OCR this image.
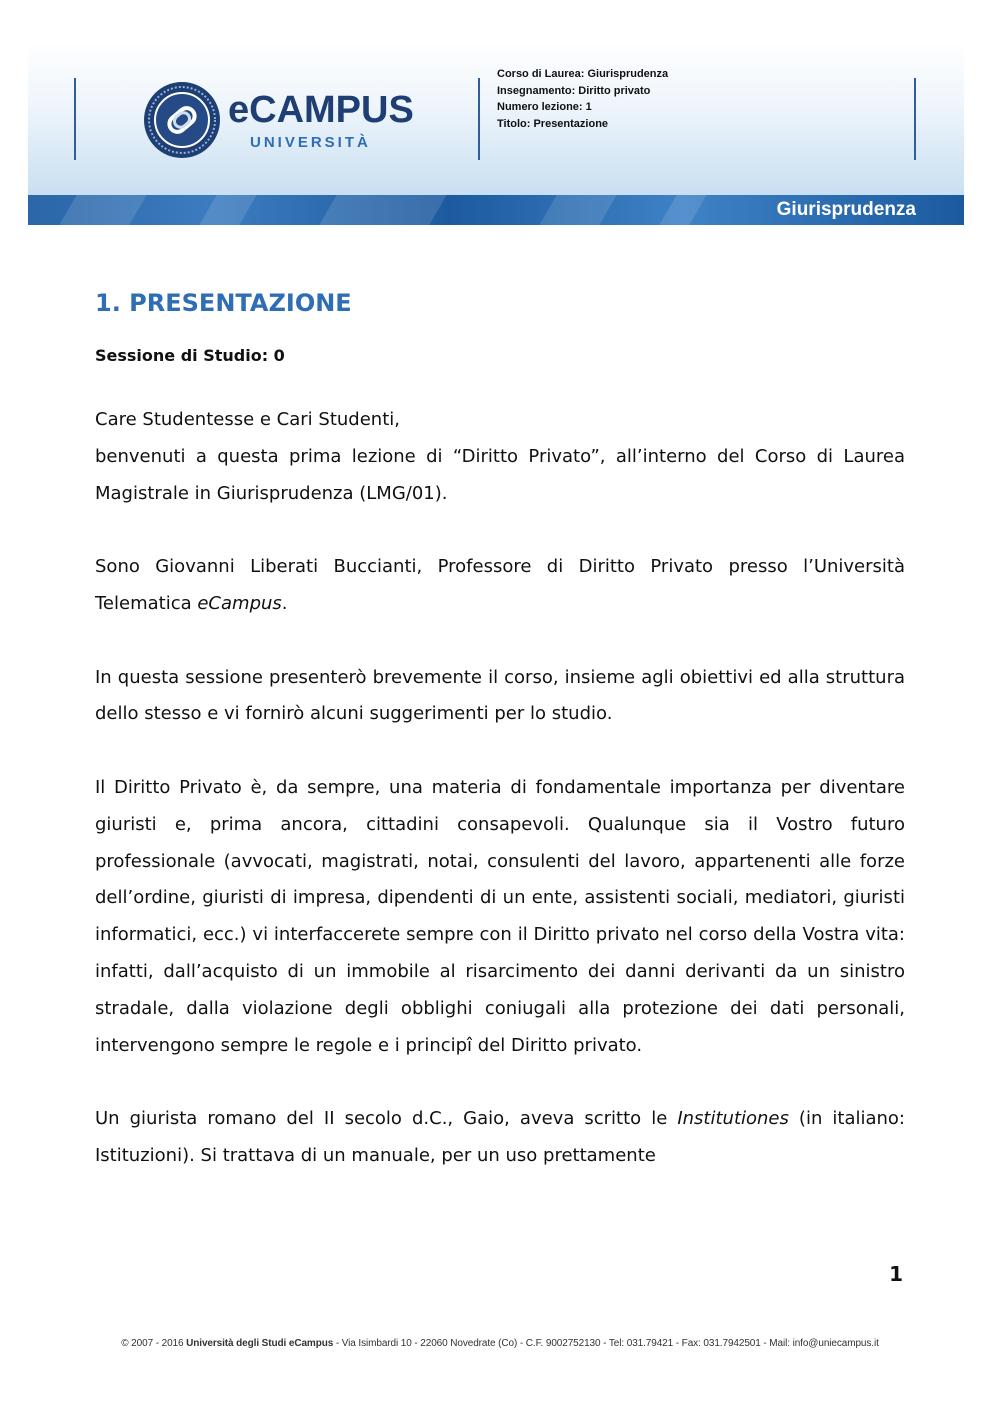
eCAMPUS
UNIVERSITÀ
Corso di Laurea: Giurisprudenza
Insegnamento: Diritto privato
Numero lezione: 1
Titolo: Presentazione
Giurisprudenza
1. PRESENTAZIONE
Sessione di Studio: 0

Care Studentesse e Cari Studenti,

benvenuti a questa prima lezione di “Diritto Privato”, all’interno del Corso di Laurea Magistrale in Giurisprudenza (LMG/01).

Sono Giovanni Liberati Buccianti, Professore di Diritto Privato presso l’Università Telematica eCampus.

In questa sessione presenterò brevemente il corso, insieme agli obiettivi ed alla struttura dello stesso e vi fornirò alcuni suggerimenti per lo studio.

Il Diritto Privato è, da sempre, una materia di fondamentale importanza per diventare giuristi e, prima ancora, cittadini consapevoli. Qualunque sia il Vostro futuro professionale (avvocati, magistrati, notai, consulenti del lavoro, appartenenti alle forze dell’ordine, giuristi di impresa, dipendenti di un ente, assistenti sociali, mediatori, giuristi informatici, ecc.) vi interfaccerete sempre con il Diritto privato nel corso della Vostra vita: infatti, dall’acquisto di un immobile al risarcimento dei danni derivanti da un sinistro stradale, dalla violazione degli obblighi coniugali alla protezione dei dati personali, intervengono sempre le regole e i principî del Diritto privato.

Un giurista romano del II secolo d.C., Gaio, aveva scritto le Institutiones (in italiano: Istituzioni). Si trattava di un manuale, per un uso prettamente

1
© 2007 - 2016 Università degli Studi eCampus - Via Isimbardi 10 - 22060 Novedrate (Co) - C.F. 9002752130 - Tel: 031.79421 - Fax: 031.7942501 - Mail: info@uniecampus.it
